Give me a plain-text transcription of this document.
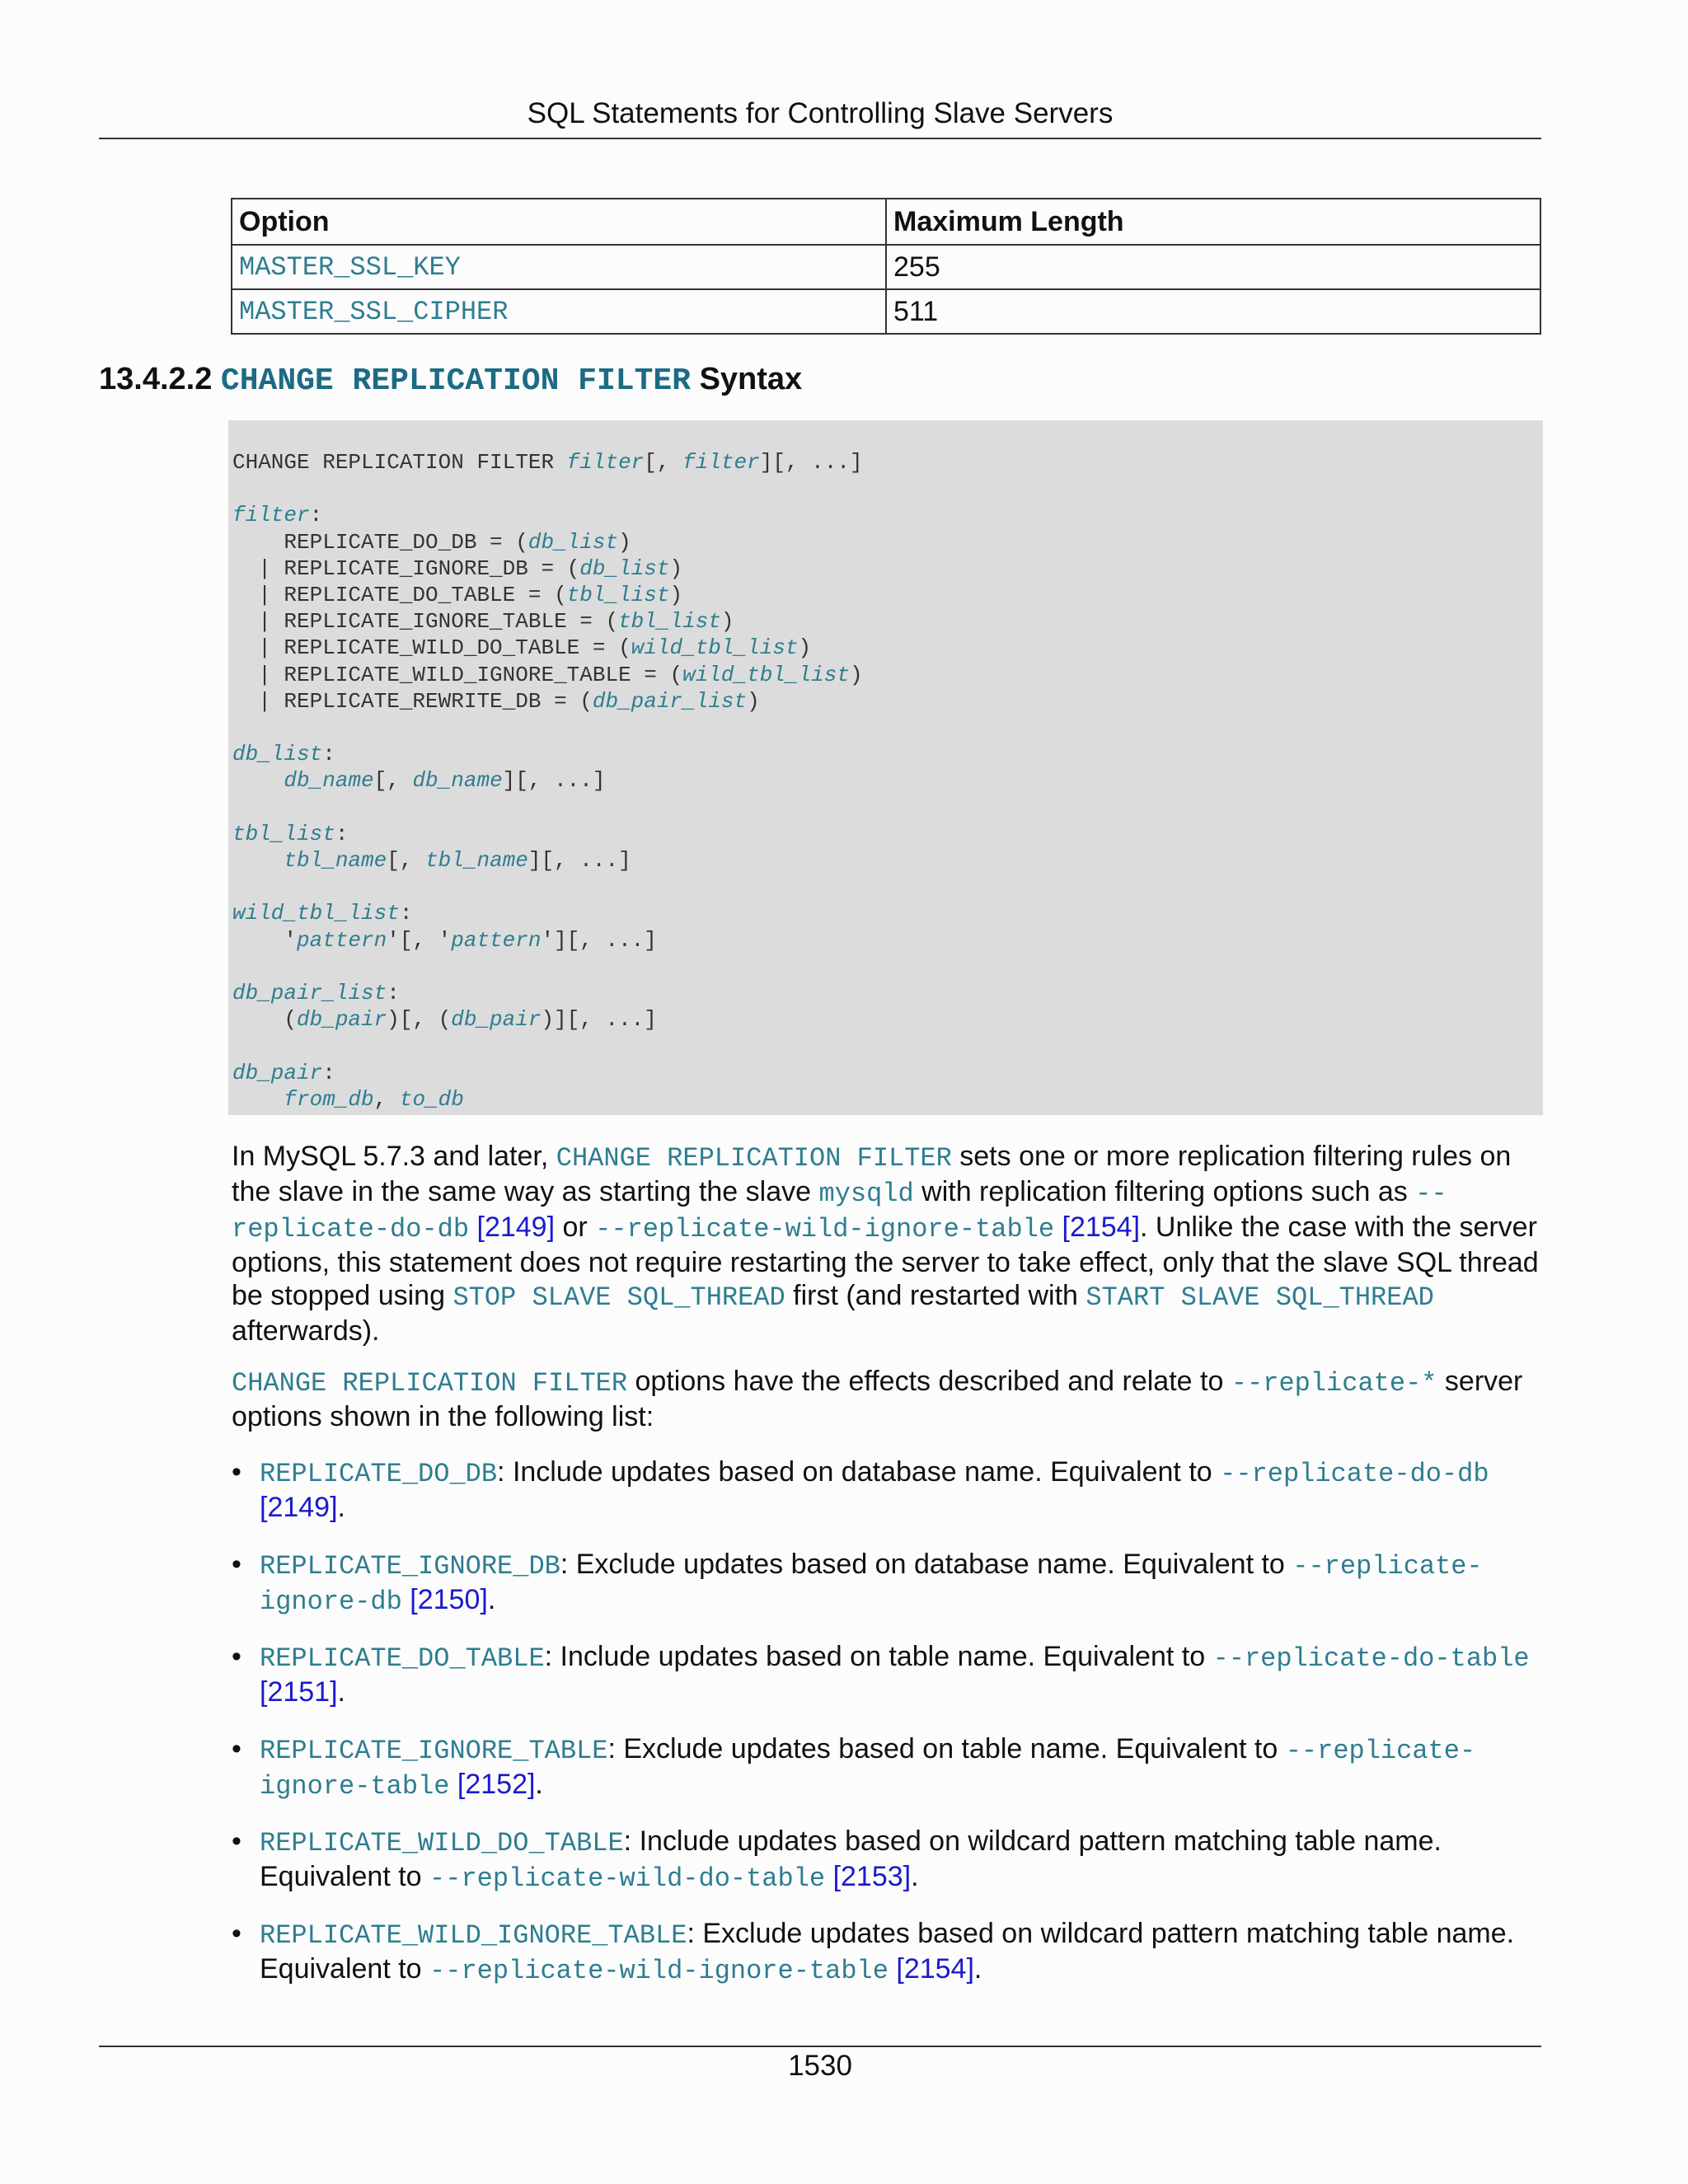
SQL Statements for Controlling Slave Servers
Option	Maximum Length
MASTER_SSL_KEY	255
MASTER_SSL_CIPHER	511
13.4.2.2 CHANGE REPLICATION FILTER Syntax
CHANGE REPLICATION FILTER filter[, filter][, ...]
filter:
REPLICATE_DO_DB = (db_list)
| REPLICATE_IGNORE_DB = (db_list)
| REPLICATE_DO_TABLE = (tbl_list)
| REPLICATE_IGNORE_TABLE = (tbl_list)
| REPLICATE_WILD_DO_TABLE = (wild_tbl_list)
| REPLICATE_WILD_IGNORE_TABLE = (wild_tbl_list)
| REPLICATE_REWRITE_DB = (db_pair_list)
db_list:
db_name[, db_name][, ...]
tbl_list:
tbl_name[, tbl_name][, ...]
wild_tbl_list:
'pattern'[, 'pattern'][, ...]
db_pair_list:
(db_pair)[, (db_pair)][, ...]
db_pair:
from_db, to_db

In MySQL 5.7.3 and later, CHANGE REPLICATION FILTER sets one or more replication filtering rules on the slave in the same way as starting the slave mysqld with replication filtering options such as --replicate-do-db [2149] or --replicate-wild-ignore-table [2154]. Unlike the case with the server options, this statement does not require restarting the server to take effect, only that the slave SQL thread be stopped using STOP SLAVE SQL_THREAD first (and restarted with START SLAVE SQL_THREAD afterwards).

CHANGE REPLICATION FILTER options have the effects described and relate to --replicate-* server options shown in the following list:

• REPLICATE_DO_DB: Include updates based on database name. Equivalent to --replicate-do-db [2149].
• REPLICATE_IGNORE_DB: Exclude updates based on database name. Equivalent to --replicate-ignore-db [2150].
• REPLICATE_DO_TABLE: Include updates based on table name. Equivalent to --replicate-do-table [2151].
• REPLICATE_IGNORE_TABLE: Exclude updates based on table name. Equivalent to --replicate-ignore-table [2152].
• REPLICATE_WILD_DO_TABLE: Include updates based on wildcard pattern matching table name. Equivalent to --replicate-wild-do-table [2153].
• REPLICATE_WILD_IGNORE_TABLE: Exclude updates based on wildcard pattern matching table name. Equivalent to --replicate-wild-ignore-table [2154].
1530
